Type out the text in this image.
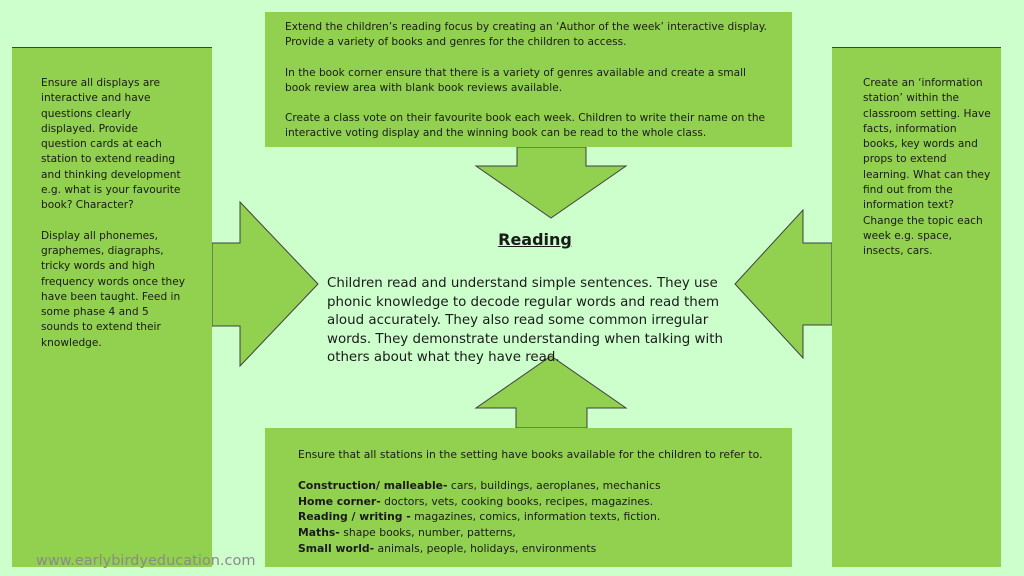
Extend the children’s reading focus by creating an ‘Author of the week’ interactive display. Provide a variety of books and genres for the children to access.

In the book corner ensure that there is a variety of genres available and create a small book review area with blank book reviews available.

Create a class vote on their favourite book each week. Children to write their name on the interactive voting display and the winning book can be read to the whole class.

Ensure all displays are
interactive and have
questions clearly
displayed. Provide
question cards at each
station to extend reading
and thinking development
e.g. what is your favourite
book? Character?

Display all phonemes,
graphemes, diagraphs,
tricky words and high
frequency words once they
have been taught. Feed in
some phase 4 and 5
sounds to extend their
knowledge.

Create an ‘information
station’ within the
classroom setting. Have
facts, information
books, key words and
props to extend
learning. What can they
find out from the
information text?
Change the topic each
week e.g. space,
insects, cars.

Ensure that all stations in the setting have books available for the children to refer to.
Construction/ malleable- cars, buildings, aeroplanes, mechanics
Home corner- doctors, vets, cooking books, recipes, magazines.
Reading / writing - magazines, comics, information texts, fiction.
Maths- shape books, number, patterns,
Small world- animals, people, holidays, environments

Reading

Children read and understand simple sentences. They use phonic knowledge to decode regular words and read them aloud accurately. They also read some common irregular words. They demonstrate understanding when talking with others about what they have read.

www.earlybirdyeducation.com
